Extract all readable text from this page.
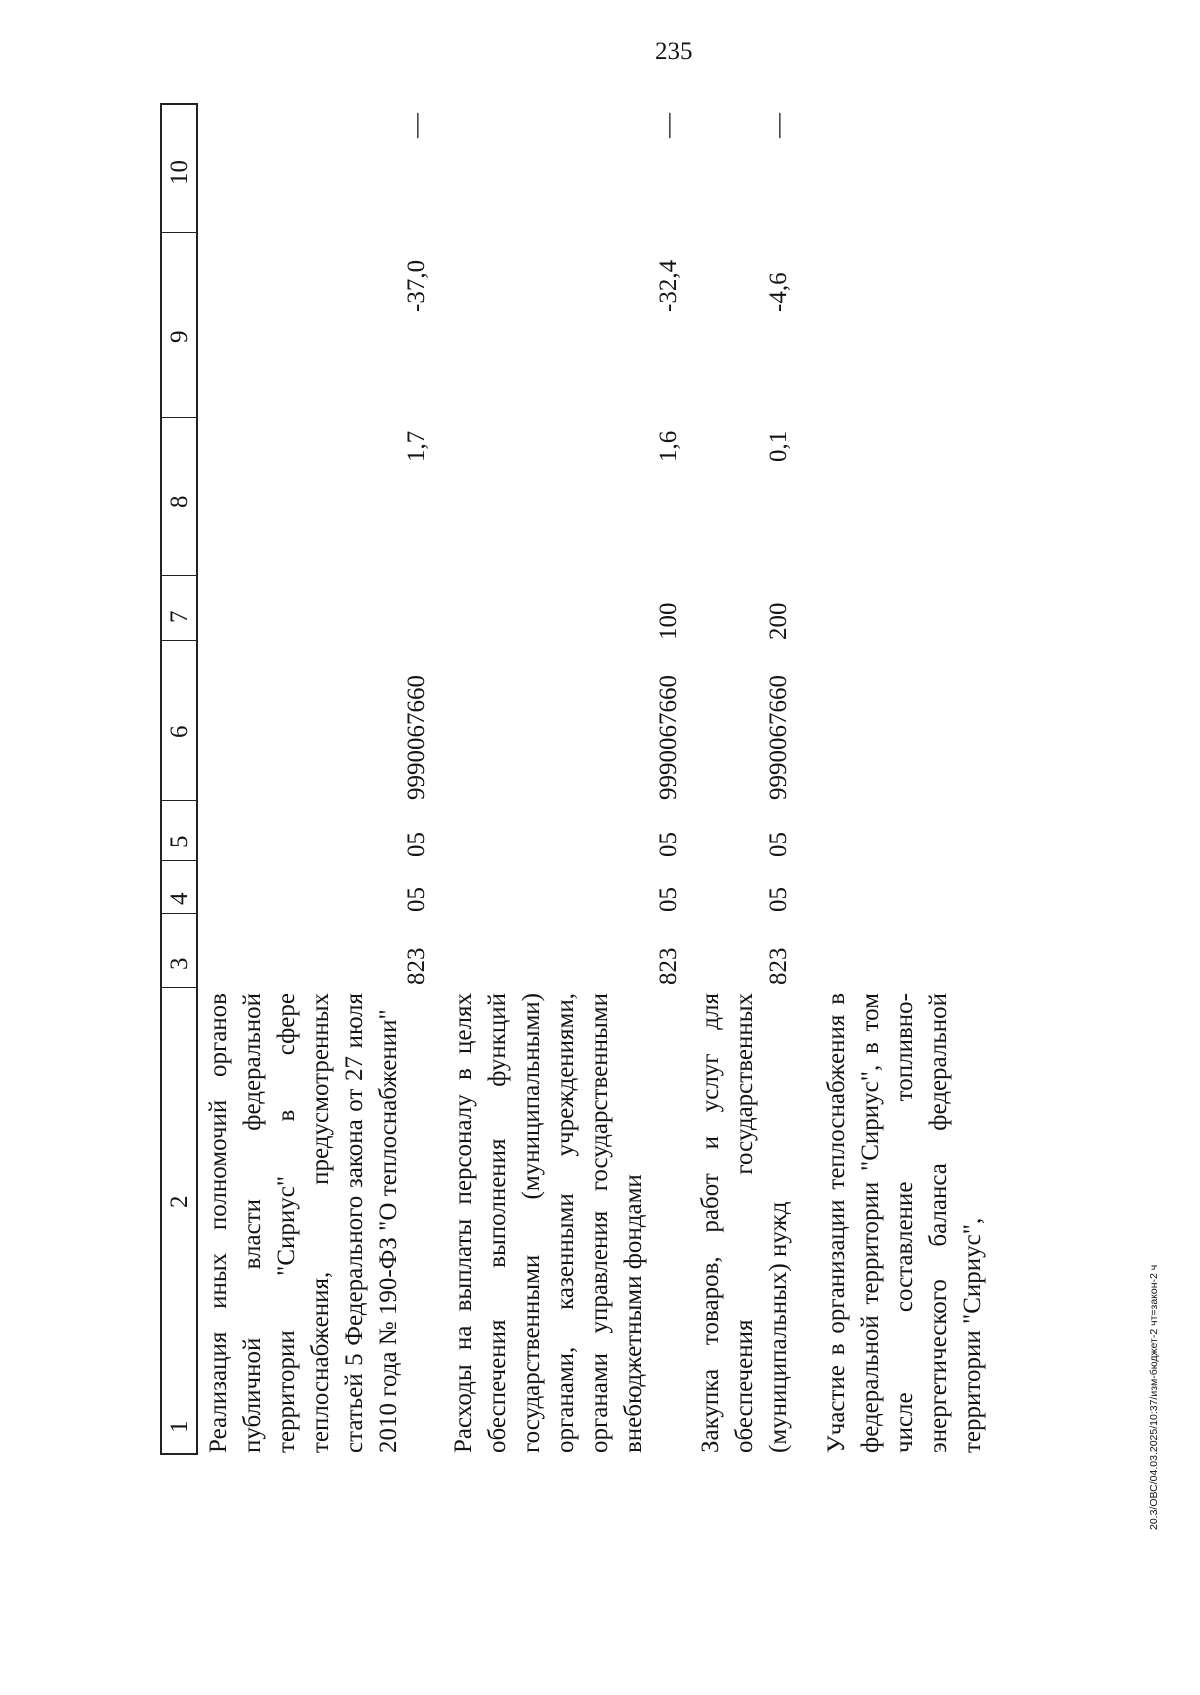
235
20.3/ОВС/04.03.2025/10:37/изм-бюджет-2 чт=закон-2 ч
1
2
3
4
5
6
7
8
9
10
Реализация иных полномочий органов публичной власти федеральной территории "Сириус" в сфере теплоснабжения, предусмотренных статьей 5 Федерального закона от 27 июля 2010 года № 190-ФЗ "О теплоснабжении"
823
05
05
9990067660
1,7
-37,0
—
Расходы на выплаты персоналу в целях обеспечения выполнения функций государственными (муниципальными) органами, казенными учреждениями, органами управления государственными внебюджетными фондами
823
05
05
9990067660
100
1,6
-32,4
—
Закупка товаров, работ и услуг для обеспечения государственных (муниципальных) нужд
823
05
05
9990067660
200
0,1
-4,6
—
Участие в организации теплоснабжения в федеральной территории "Сириус", в том числе составление топливно-энергетического баланса федеральной территории "Сириус",
